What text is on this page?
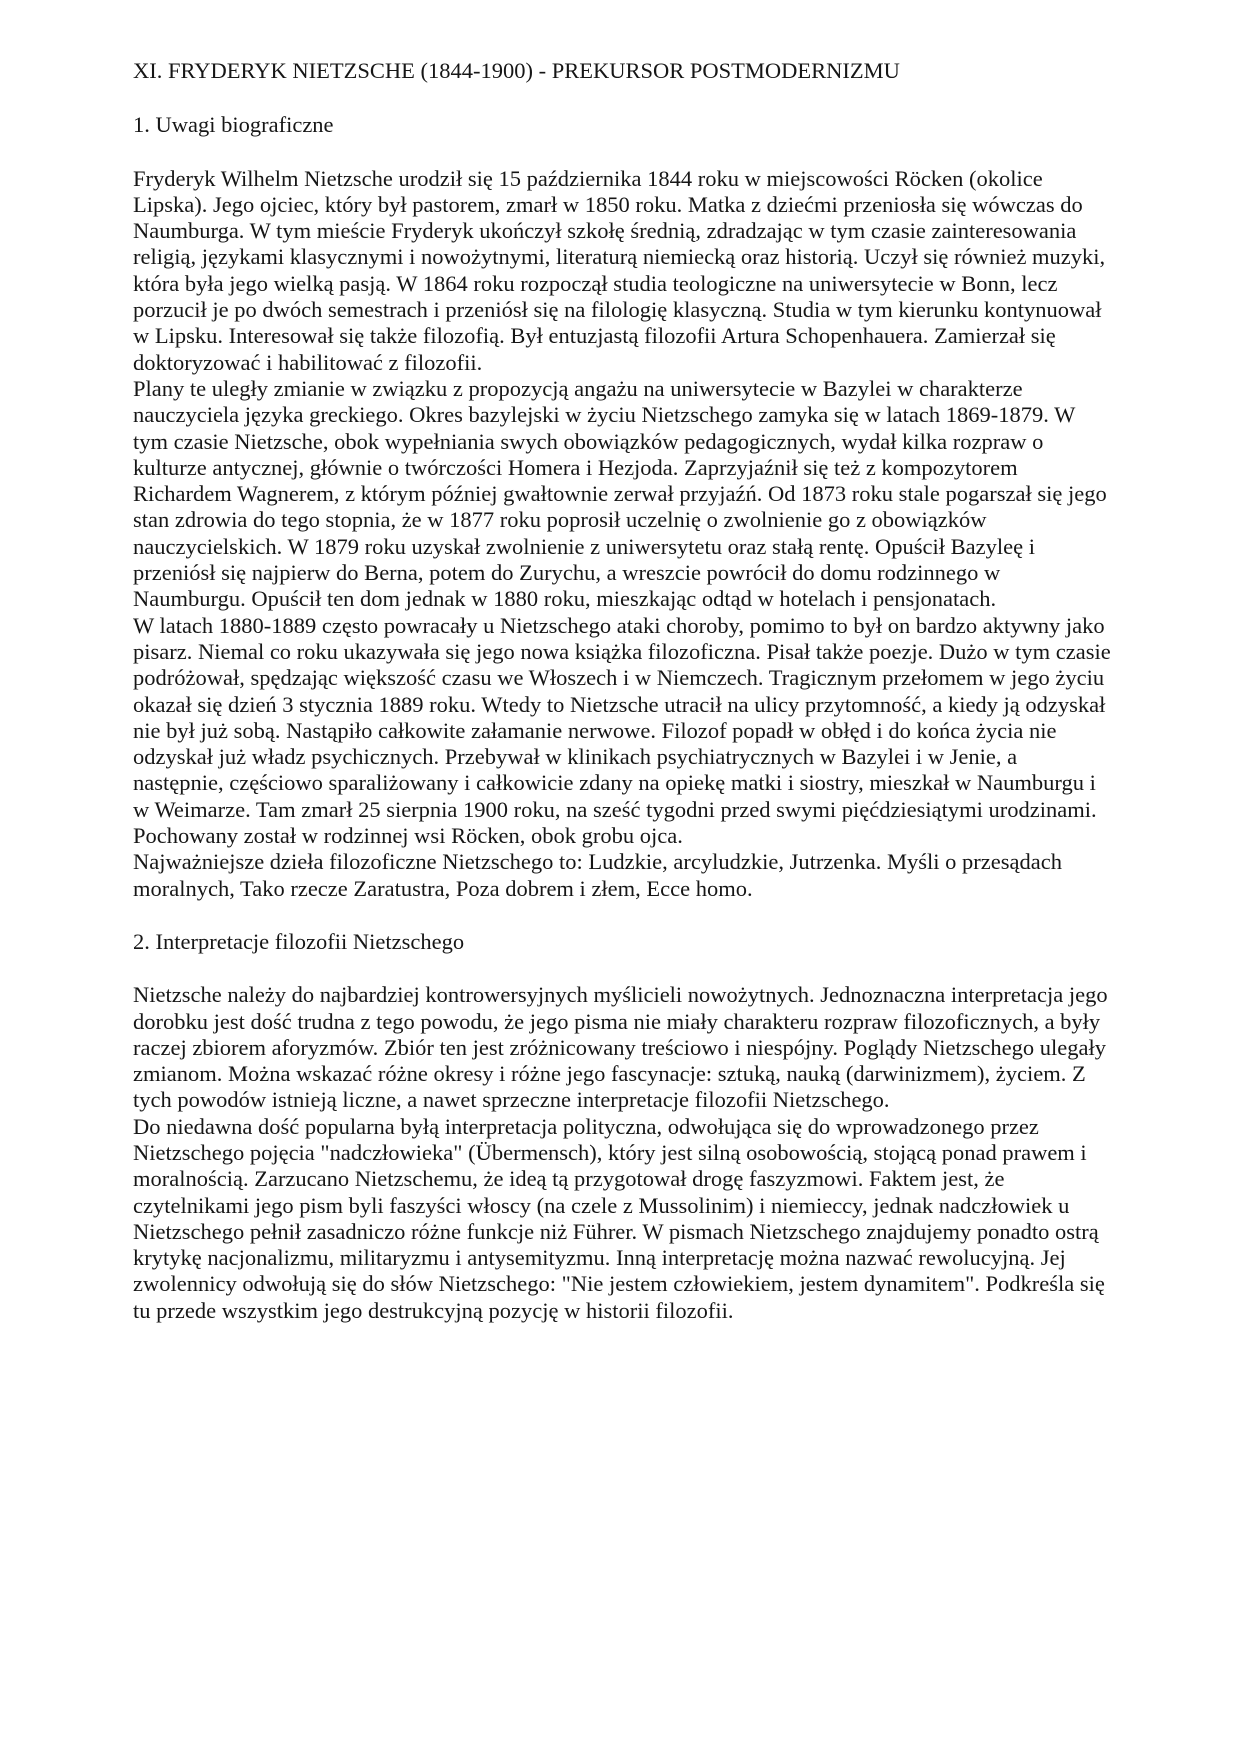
XI. FRYDERYK NIETZSCHE (1844-1900) - PREKURSOR POSTMODERNIZMU

1. Uwagi biograficzne

Fryderyk Wilhelm Nietzsche urodził się 15 października 1844 roku w miejscowości Röcken (okolice Lipska). Jego ojciec, który był pastorem, zmarł w 1850 roku. Matka z dziećmi przeniosła się wówczas do Naumburga. W tym mieście Fryderyk ukończył szkołę średnią, zdradzając w tym czasie zainteresowania religią, językami klasycznymi i nowożytnymi, literaturą niemiecką oraz historią. Uczył się również muzyki, która była jego wielką pasją. W 1864 roku rozpoczął studia teologiczne na uniwersytecie w Bonn, lecz porzucił je po dwóch semestrach i przeniósł się na filologię klasyczną. Studia w tym kierunku kontynuował w Lipsku. Interesował się także filozofią. Był entuzjastą filozofii Artura Schopenhauera. Zamierzał się doktoryzować i habilitować z filozofii.

Plany te uległy zmianie w związku z propozycją angażu na uniwersytecie w Bazylei w charakterze nauczyciela języka greckiego. Okres bazylejski w życiu Nietzschego zamyka się w latach 1869-1879. W tym czasie Nietzsche, obok wypełniania swych obowiązków pedagogicznych, wydał kilka rozpraw o kulturze antycznej, głównie o twórczości Homera i Hezjoda. Zaprzyjaźnił się też z kompozytorem Richardem Wagnerem, z którym później gwałtownie zerwał przyjaźń. Od 1873 roku stale pogarszał się jego stan zdrowia do tego stopnia, że w 1877 roku poprosił uczelnię o zwolnienie go z obowiązków nauczycielskich. W 1879 roku uzyskał zwolnienie z uniwersytetu oraz stałą rentę. Opuścił Bazyleę i przeniósł się najpierw do Berna, potem do Zurychu, a wreszcie powrócił do domu rodzinnego w Naumburgu. Opuścił ten dom jednak w 1880 roku, mieszkając odtąd w hotelach i pensjonatach.

W latach 1880-1889 często powracały u Nietzschego ataki choroby, pomimo to był on bardzo aktywny jako pisarz. Niemal co roku ukazywała się jego nowa książka filozoficzna. Pisał także poezje. Dużo w tym czasie podróżował, spędzając większość czasu we Włoszech i w Niemczech. Tragicznym przełomem w jego życiu okazał się dzień 3 stycznia 1889 roku. Wtedy to Nietzsche utracił na ulicy przytomność, a kiedy ją odzyskał nie był już sobą. Nastąpiło całkowite załamanie nerwowe. Filozof popadł w obłęd i do końca życia nie odzyskał już władz psychicznych. Przebywał w klinikach psychiatrycznych w Bazylei i w Jenie, a następnie, częściowo sparaliżowany i całkowicie zdany na opiekę matki i siostry, mieszkał w Naumburgu i w Weimarze. Tam zmarł 25 sierpnia 1900 roku, na sześć tygodni przed swymi pięćdziesiątymi urodzinami. Pochowany został w rodzinnej wsi Röcken, obok grobu ojca.

Najważniejsze dzieła filozoficzne Nietzschego to: Ludzkie, arcyludzkie, Jutrzenka. Myśli o przesądach moralnych, Tako rzecze Zaratustra, Poza dobrem i złem, Ecce homo.

2. Interpretacje filozofii Nietzschego

Nietzsche należy do najbardziej kontrowersyjnych myślicieli nowożytnych. Jednoznaczna interpretacja jego dorobku jest dość trudna z tego powodu, że jego pisma nie miały charakteru rozpraw filozoficznych, a były raczej zbiorem aforyzmów. Zbiór ten jest zróżnicowany treściowo i niespójny. Poglądy Nietzschego ulegały zmianom. Można wskazać różne okresy i różne jego fascynacje: sztuką, nauką (darwinizmem), życiem. Z tych powodów istnieją liczne, a nawet sprzeczne interpretacje filozofii Nietzschego.

Do niedawna dość popularna byłą interpretacja polityczna, odwołująca się do wprowadzonego przez Nietzschego pojęcia "nadczłowieka" (Übermensch), który jest silną osobowością, stojącą ponad prawem i moralnością. Zarzucano Nietzschemu, że ideą tą przygotował drogę faszyzmowi. Faktem jest, że czytelnikami jego pism byli faszyści włoscy (na czele z Mussolinim) i niemieccy, jednak nadczłowiek u Nietzschego pełnił zasadniczo różne funkcje niż Führer. W pismach Nietzschego znajdujemy ponadto ostrą krytykę nacjonalizmu, militaryzmu i antysemityzmu. Inną interpretację można nazwać rewolucyjną. Jej zwolennicy odwołują się do słów Nietzschego: "Nie jestem człowiekiem, jestem dynamitem". Podkreśla się tu przede wszystkim jego destrukcyjną pozycję w historii filozofii.
